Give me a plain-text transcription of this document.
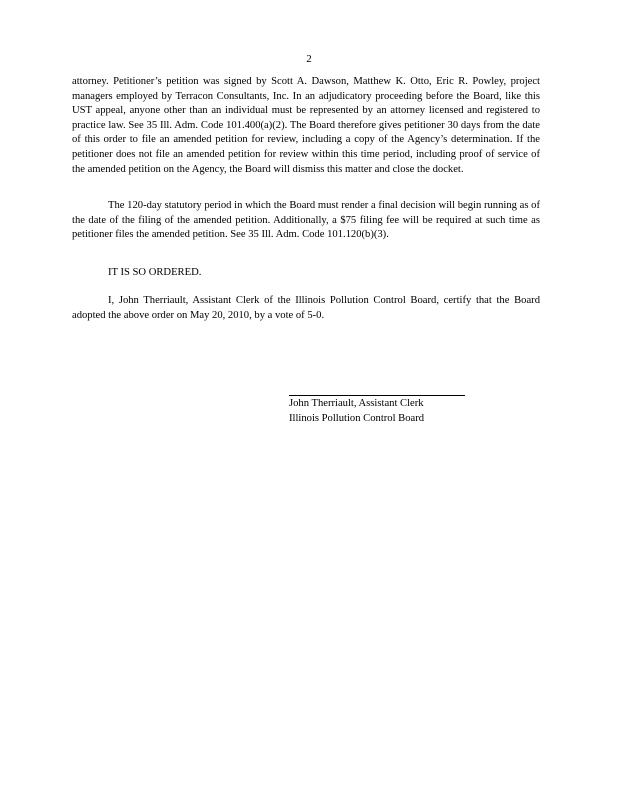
2

attorney. Petitioner’s petition was signed by Scott A. Dawson, Matthew K. Otto, Eric R. Powley, project managers employed by Terracon Consultants, Inc. In an adjudicatory proceeding before the Board, like this UST appeal, anyone other than an individual must be represented by an attorney licensed and registered to practice law. See 35 Ill. Adm. Code 101.400(a)(2). The Board therefore gives petitioner 30 days from the date of this order to file an amended petition for review, including a copy of the Agency’s determination. If the petitioner does not file an amended petition for review within this time period, including proof of service of the amended petition on the Agency, the Board will dismiss this matter and close the docket.

The 120-day statutory period in which the Board must render a final decision will begin running as of the date of the filing of the amended petition. Additionally, a $75 filing fee will be required at such time as petitioner files the amended petition. See 35 Ill. Adm. Code 101.120(b)(3).

IT IS SO ORDERED.

I, John Therriault, Assistant Clerk of the Illinois Pollution Control Board, certify that the Board adopted the above order on May 20, 2010, by a vote of 5-0.

John Therriault, Assistant Clerk
Illinois Pollution Control Board
